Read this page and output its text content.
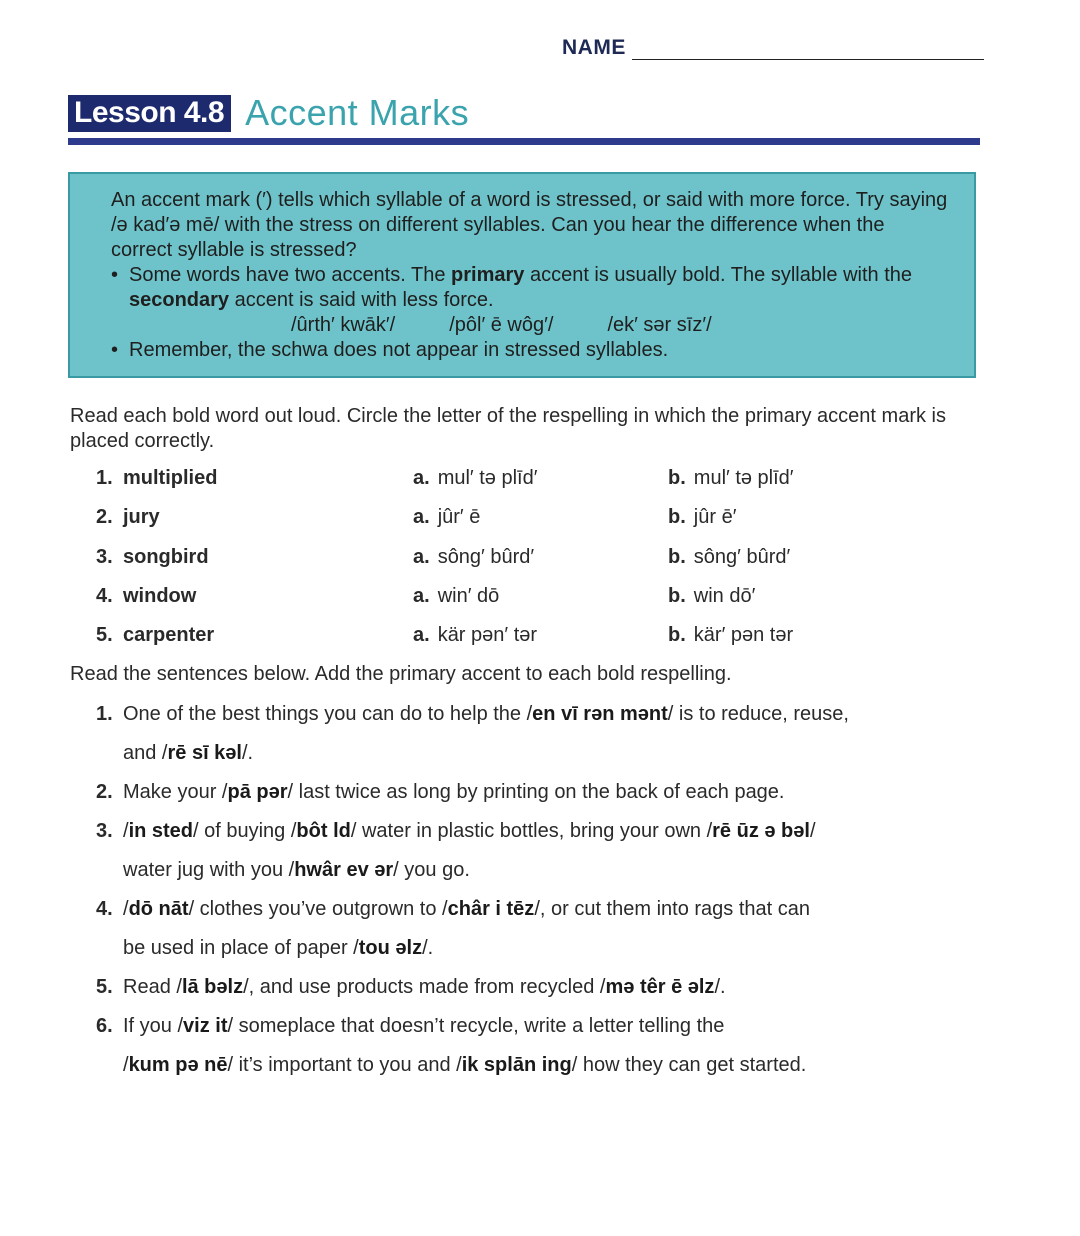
NAME
Lesson 4.8 Accent Marks

An accent mark (′) tells which syllable of a word is stressed, or said with more force. Try saying /ə kad′ə mē/ with the stress on different syllables. Can you hear the difference when the correct syllable is stressed?

• Some words have two accents. The primary accent is usually bold. The syllable with the secondary accent is said with less force.
/ûrth′ kwāk′/	/pôl′ ē wôg′/	/ek′ sər sīz′/
• Remember, the schwa does not appear in stressed syllables.
Read each bold word out loud. Circle the letter of the respelling in which the primary accent mark is placed correctly.
1. multiplied	a. mul′ tə plīd′	b. mul′ tə plīd′
2. jury	a. jûr′ ē	b. jûr ē′
3. songbird	a. sông′ bûrd′	b. sông′ bûrd′
4. window	a. win′ dō	b. win dō′
5. carpenter	a. kär pən′ tər	b. kär′ pən tər
Read the sentences below. Add the primary accent to each bold respelling.
1. One of the best things you can do to help the /en vī rən mənt/ is to reduce, reuse,
and /rē sī kəl/.
2. Make your /pā pər/ last twice as long by printing on the back of each page.
3. /in sted/ of buying /bôt ld/ water in plastic bottles, bring your own /rē ūz ə bəl/
water jug with you /hwâr ev ər/ you go.
4. /dō nāt/ clothes you’ve outgrown to /châr i tēz/, or cut them into rags that can
be used in place of paper /tou əlz/.
5. Read /lā bəlz/, and use products made from recycled /mə têr ē əlz/.
6. If you /viz it/ someplace that doesn’t recycle, write a letter telling the
/kum pə nē/ it’s important to you and /ik splān ing/ how they can get started.
